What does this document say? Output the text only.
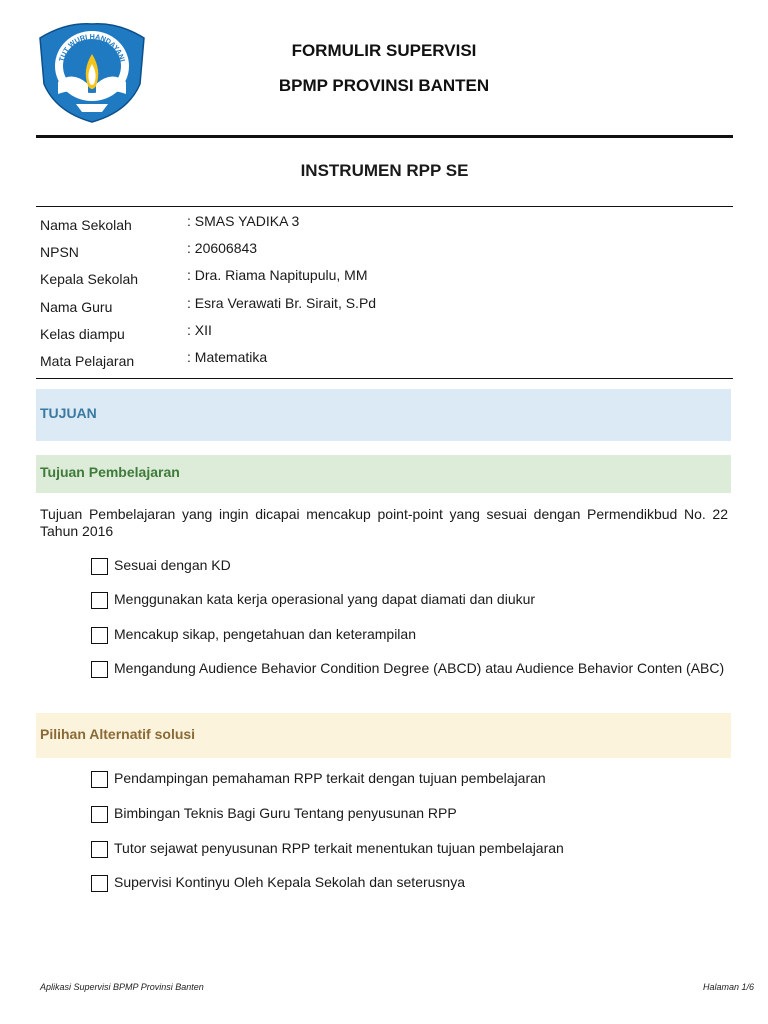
TUT WURI HANDAYANI
FORMULIR SUPERVISI
BPMP PROVINSI BANTEN
INSTRUMEN RPP SE
Nama Sekolah	: SMAS YADIKA 3
NPSN	: 20606843
Kepala Sekolah	: Dra. Riama Napitupulu, MM
Nama Guru	: Esra Verawati Br. Sirait, S.Pd
Kelas diampu	: XII
Mata Pelajaran	: Matematika
TUJUAN
Tujuan Pembelajaran
Tujuan Pembelajaran yang ingin dicapai mencakup point-point yang sesuai dengan Permendikbud No. 22 Tahun 2016
Sesuai dengan KD
Menggunakan kata kerja operasional yang dapat diamati dan diukur
Mencakup sikap, pengetahuan dan keterampilan
Mengandung Audience Behavior Condition Degree (ABCD) atau Audience Behavior Conten (ABC)
Pilihan Alternatif solusi
Pendampingan pemahaman RPP terkait dengan tujuan pembelajaran
Bimbingan Teknis Bagi Guru Tentang penyusunan RPP
Tutor sejawat penyusunan RPP terkait menentukan tujuan pembelajaran
Supervisi Kontinyu Oleh Kepala Sekolah dan seterusnya
Aplikasi Supervisi BPMP Provinsi Banten	Halaman 1/6
